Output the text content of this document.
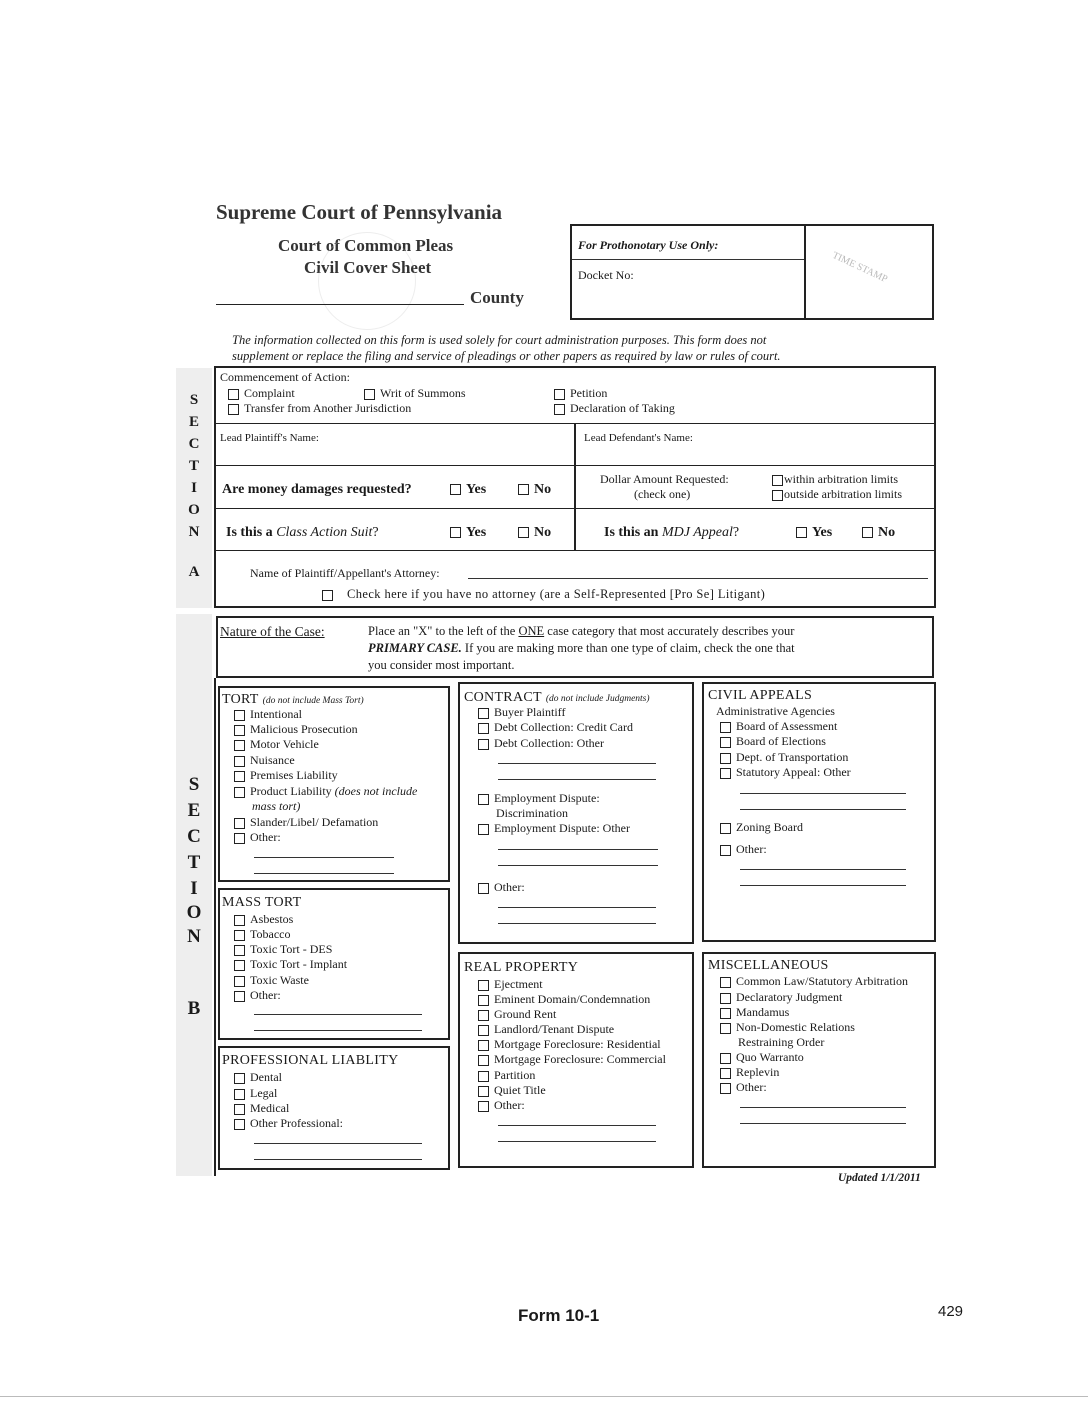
Supreme Court of Pennsylvania
Court of Common Pleas
Civil Cover Sheet
County
For Prothonotary Use Only:
Docket No:	TIME STAMP
The information collected on this form is used solely for court administration purposes. This form does not
supplement or replace the filing and service of pleadings or other papers as required by law or rules of court.
S
E
C
T
I
O
N
A
Commencement of Action:
Complaint	Writ of Summons	Petition
Transfer from Another Jurisdiction	Declaration of Taking
Lead Plaintiff's Name:	Lead Defendant's Name:
Are money damages requested?	Yes	No
Dollar Amount Requested:
(check one)
within arbitration limits
outside arbitration limits
Is this a Class Action Suit?	Yes	No	Is this an MDJ Appeal?	Yes	No
Name of Plaintiff/Appellant's Attorney:
Check here if you have no attorney (are a Self-Represented [Pro Se] Litigant)
S
E
C
T
I
O
N
B
Nature of the Case:	Place an "X" to the left of the ONE case category that most accurately describes your
PRIMARY CASE. If you are making more than one type of claim, check the one that
you consider most important.
TORT (do not include Mass Tort)
Intentional
Malicious Prosecution
Motor Vehicle
Nuisance
Premises Liability
Product Liability (does not include
mass tort)
Slander/Libel/ Defamation
Other:
MASS TORT
Asbestos
Tobacco
Toxic Tort - DES
Toxic Tort - Implant
Toxic Waste
Other:
PROFESSIONAL LIABLITY
Dental
Legal
Medical
Other Professional:
CONTRACT (do not include Judgments)
Buyer Plaintiff
Debt Collection: Credit Card
Debt Collection: Other
Employment Dispute:
Discrimination
Employment Dispute: Other
Other:
REAL PROPERTY
Ejectment
Eminent Domain/Condemnation
Ground Rent
Landlord/Tenant Dispute
Mortgage Foreclosure: Residential
Mortgage Foreclosure: Commercial
Partition
Quiet Title
Other:
CIVIL APPEALS
Administrative Agencies
Board of Assessment
Board of Elections
Dept. of Transportation
Statutory Appeal: Other
Zoning Board
Other:
MISCELLANEOUS
Common Law/Statutory Arbitration
Declaratory Judgment
Mandamus
Non-Domestic Relations
Restraining Order
Quo Warranto
Replevin
Other:
Updated 1/1/2011
Form 10-1	429
